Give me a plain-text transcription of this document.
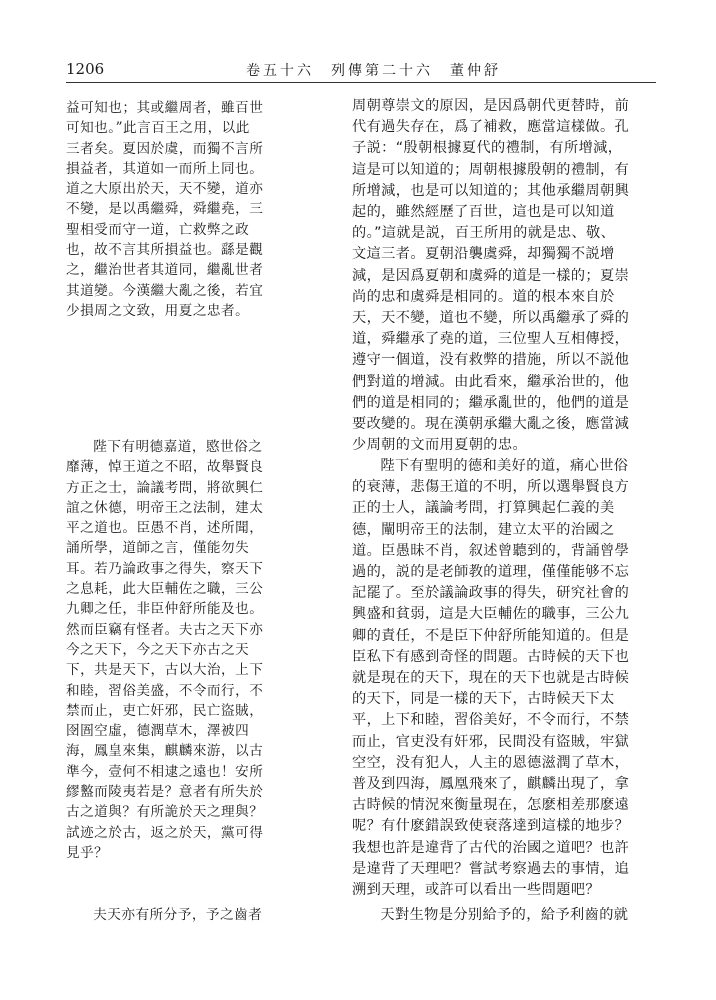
1206	卷五十六　列傳第二十六　董仲舒
益可知也；其或繼周者，雖百世
可知也。”此言百王之用，以此
三者矣。夏因於虞，而獨不言所
損益者，其道如一而所上同也。
道之大原出於天，天不變，道亦
不變，是以禹繼舜，舜繼堯，三
聖相受而守一道，亡救弊之政
也，故不言其所損益也。繇是觀
之，繼治世者其道同，繼亂世者
其道變。今漢繼大亂之後，若宜
少損周之文致，用夏之忠者。
陛下有明德嘉道，愍世俗之
靡薄，悼王道之不昭，故舉賢良
方正之士，論議考問，將欲興仁
誼之休德，明帝王之法制，建太
平之道也。臣愚不肖，述所聞，
誦所學，道師之言，僅能勿失
耳。若乃論政事之得失，察天下
之息耗，此大臣輔佐之職，三公
九卿之任，非臣仲舒所能及也。
然而臣竊有怪者。夫古之天下亦
今之天下，今之天下亦古之天
下，共是天下，古以大治，上下
和睦，習俗美盛，不令而行，不
禁而止，吏亡奸邪，民亡盜賊，
囹圄空虛，德潤草木，澤被四
海，鳳皇來集，麒麟來游，以古
準今，壹何不相逮之遠也！安所
繆盭而陵夷若是？意者有所失於
古之道與？有所詭於天之理與？
試迹之於古，返之於天，黨可得
見乎？
夫天亦有所分予，予之齒者
周朝尊崇文的原因，是因爲朝代更替時，前
代有過失存在，爲了補救，應當這樣做。孔
子説：“殷朝根據夏代的禮制，有所增減，
這是可以知道的；周朝根據殷朝的禮制，有
所增減，也是可以知道的；其他承繼周朝興
起的，雖然經歷了百世，這也是可以知道
的。”這就是説，百王所用的就是忠、敬、
文這三者。夏朝沿襲虞舜，却獨獨不説增
減，是因爲夏朝和虞舜的道是一樣的；夏崇
尚的忠和虞舜是相同的。道的根本來自於
天，天不變，道也不變，所以禹繼承了舜的
道，舜繼承了堯的道，三位聖人互相傳授，
遵守一個道，没有救弊的措施，所以不説他
們對道的增減。由此看來，繼承治世的，他
們的道是相同的；繼承亂世的，他們的道是
要改變的。現在漢朝承繼大亂之後，應當減
少周朝的文而用夏朝的忠。
陛下有聖明的德和美好的道，痛心世俗
的衰薄，悲傷王道的不明，所以選舉賢良方
正的士人，議論考問，打算興起仁義的美
德，闡明帝王的法制，建立太平的治國之
道。臣愚昧不肖，叙述曾聽到的，背誦曾學
過的，説的是老師教的道理，僅僅能够不忘
記罷了。至於議論政事的得失，研究社會的
興盛和貧弱，這是大臣輔佐的職事，三公九
卿的責任，不是臣下仲舒所能知道的。但是
臣私下有感到奇怪的問題。古時候的天下也
就是現在的天下，現在的天下也就是古時候
的天下，同是一樣的天下，古時候天下太
平，上下和睦，習俗美好，不令而行，不禁
而止，官吏没有奸邪，民間没有盜賊，牢獄
空空，没有犯人，人主的恩德滋潤了草木，
普及到四海，鳳凰飛來了，麒麟出現了，拿
古時候的情況來衡量現在，怎麽相差那麽遠
呢？有什麽錯誤致使衰落達到這樣的地步？
我想也許是違背了古代的治國之道吧？也許
是違背了天理吧？嘗試考察過去的事情，追
溯到天理，或許可以看出一些問題吧？
天對生物是分别給予的，給予利齒的就
